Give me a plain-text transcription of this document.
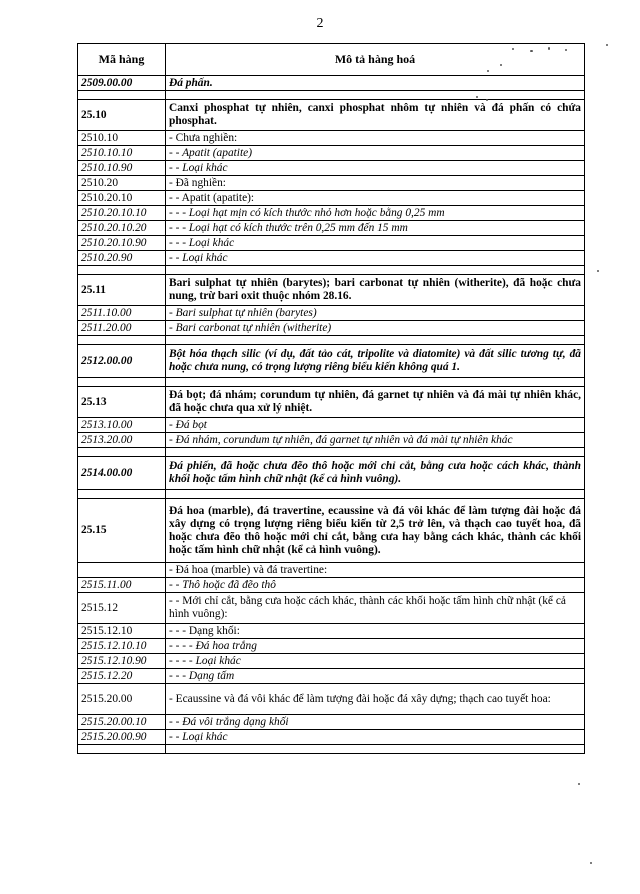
2
Mã hàng	Mô tả hàng hoá
2509.00.00	Đá phấn.

25.10	Canxi phosphat tự nhiên, canxi phosphat nhôm tự nhiên và đá phấn có chứa phosphat.
2510.10	- Chưa nghiền:
2510.10.10	- - Apatit (apatite)
2510.10.90	- - Loại khác
2510.20	- Đã nghiền:
2510.20.10	- - Apatit (apatite):
2510.20.10.10	- - - Loại hạt mịn có kích thước nhỏ hơn hoặc bằng 0,25 mm
2510.20.10.20	- - - Loại hạt có kích thước trên 0,25 mm đến 15 mm
2510.20.10.90	- - - Loại khác
2510.20.90	- - Loại khác

25.11	Bari sulphat tự nhiên (barytes); bari carbonat tự nhiên (witherite), đã hoặc chưa nung, trừ bari oxit thuộc nhóm 28.16.
2511.10.00	- Bari sulphat tự nhiên (barytes)
2511.20.00	- Bari carbonat tự nhiên (witherite)

2512.00.00	Bột hóa thạch silic (ví dụ, đất tảo cát, tripolite và diatomite) và đất silic tương tự, đã hoặc chưa nung, có trọng lượng riêng biểu kiến không quá 1.

25.13	Đá bọt; đá nhám; corundum tự nhiên, đá garnet tự nhiên và đá mài tự nhiên khác, đã hoặc chưa qua xử lý nhiệt.
2513.10.00	- Đá bọt
2513.20.00	- Đá nhám, corundum tự nhiên, đá garnet tự nhiên và đá mài tự nhiên khác

2514.00.00	Đá phiến, đã hoặc chưa đẽo thô hoặc mới chỉ cắt, bằng cưa hoặc cách khác, thành khối hoặc tấm hình chữ nhật (kể cả hình vuông).

25.15	Đá hoa (marble), đá travertine, ecaussine và đá vôi khác để làm tượng đài hoặc đá xây dựng có trọng lượng riêng biểu kiến từ 2,5 trở lên, và thạch cao tuyết hoa, đã hoặc chưa đẽo thô hoặc mới chỉ cắt, bằng cưa hay bằng cách khác, thành các khối hoặc tấm hình chữ nhật (kể cả hình vuông).
	- Đá hoa (marble) và đá travertine:
2515.11.00	- - Thô hoặc đã đẽo thô
2515.12	- - Mới chỉ cắt, bằng cưa hoặc cách khác, thành các khối hoặc tấm hình chữ nhật (kể cả hình vuông):
2515.12.10	- - - Dạng khối:
2515.12.10.10	- - - - Đá hoa trắng
2515.12.10.90	- - - - Loại khác
2515.12.20	- - - Dạng tấm
2515.20.00	- Ecaussine và đá vôi khác để làm tượng đài hoặc đá xây dựng; thạch cao tuyết hoa:
2515.20.00.10	- - Đá vôi trắng dạng khối
2515.20.00.90	- - Loại khác
